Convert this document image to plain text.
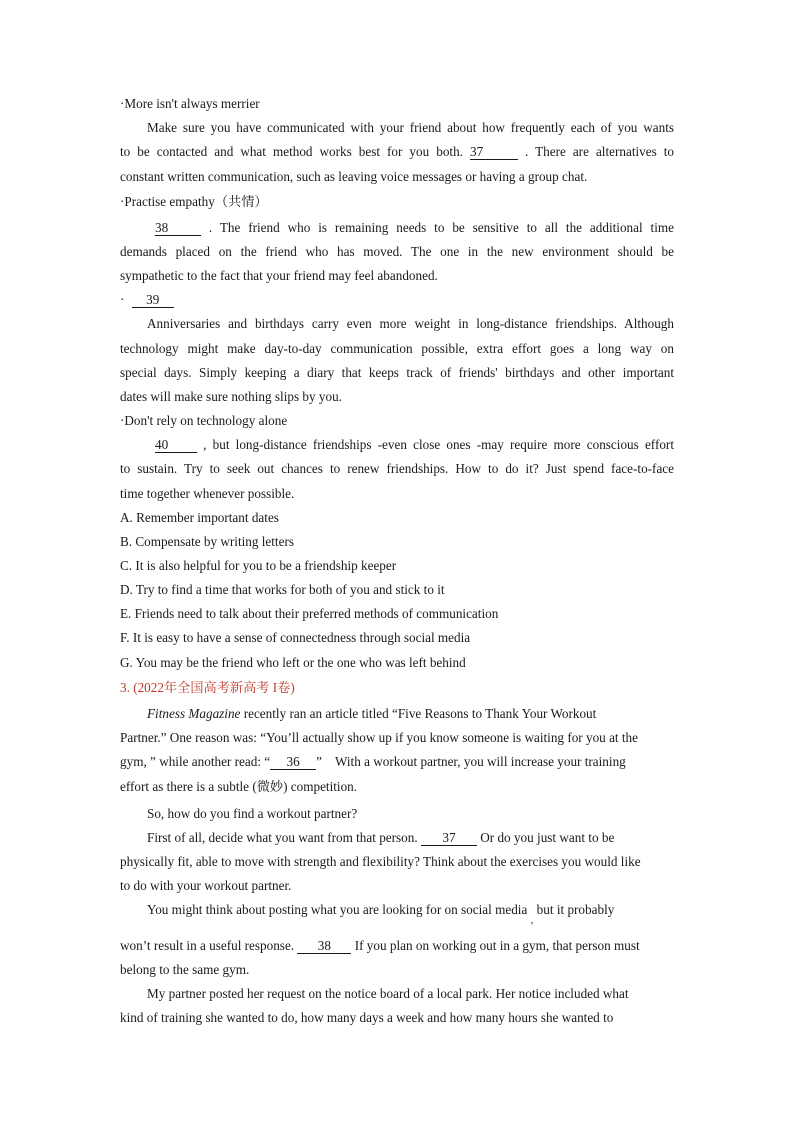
·More isn't always merrier
Make sure you have communicated with your friend about how frequently each of you wants
to be contacted and what method works best for you both. 37	. There are alternatives to
constant written communication, such as leaving voice messages or having a group chat.
·Practise empathy（共情）
38	. The friend who is remaining needs to be sensitive to all the additional time
demands placed on the friend who has moved. The one in the new environment should be
sympathetic to the fact that your friend may feel abandoned.
· 39
Anniversaries and birthdays carry even more weight in long-distance friendships. Although
technology might make day-to-day communication possible, extra effort goes a long way on
special days. Simply keeping a diary that keeps track of friends' birthdays and other important
dates will make sure nothing slips by you.
·Don't rely on technology alone
40	, but long-distance friendships -even close ones -may require more conscious effort
to sustain. Try to seek out chances to renew friendships. How to do it? Just spend face-to-face
time together whenever possible.
A. Remember important dates
B. Compensate by writing letters
C. It is also helpful for you to be a friendship keeper
D. Try to find a time that works for both of you and stick to it
E. Friends need to talk about their preferred methods of communication
F. It is easy to have a sense of connectedness through social media
G. You may be the friend who left or the one who was left behind
3. (2022年全国高考新高考 I卷)
Fitness Magazine recently ran an article titled “Five Reasons to Thank Your Workout
Partner.” One reason was: “You’ll actually show up if you know someone is waiting for you at the
gym, ” while another read: “ 36 ”    With a workout partner, you will increase your training
effort as there is a subtle (微妙) competition.
So, how do you find a workout partner?
First of all, decide what you want from that person. 37 Or do you just want to be
physically fit, able to move with strength and flexibility? Think about the exercises you would like
to do with your workout partner.
You might think about posting what you are looking for on social media $_,$ but it probably
won’t result in a useful response. 38 If you plan on working out in a gym, that person must
belong to the same gym.
My partner posted her request on the notice board of a local park. Her notice included what
kind of training she wanted to do, how many days a week and how many hours she wanted to
